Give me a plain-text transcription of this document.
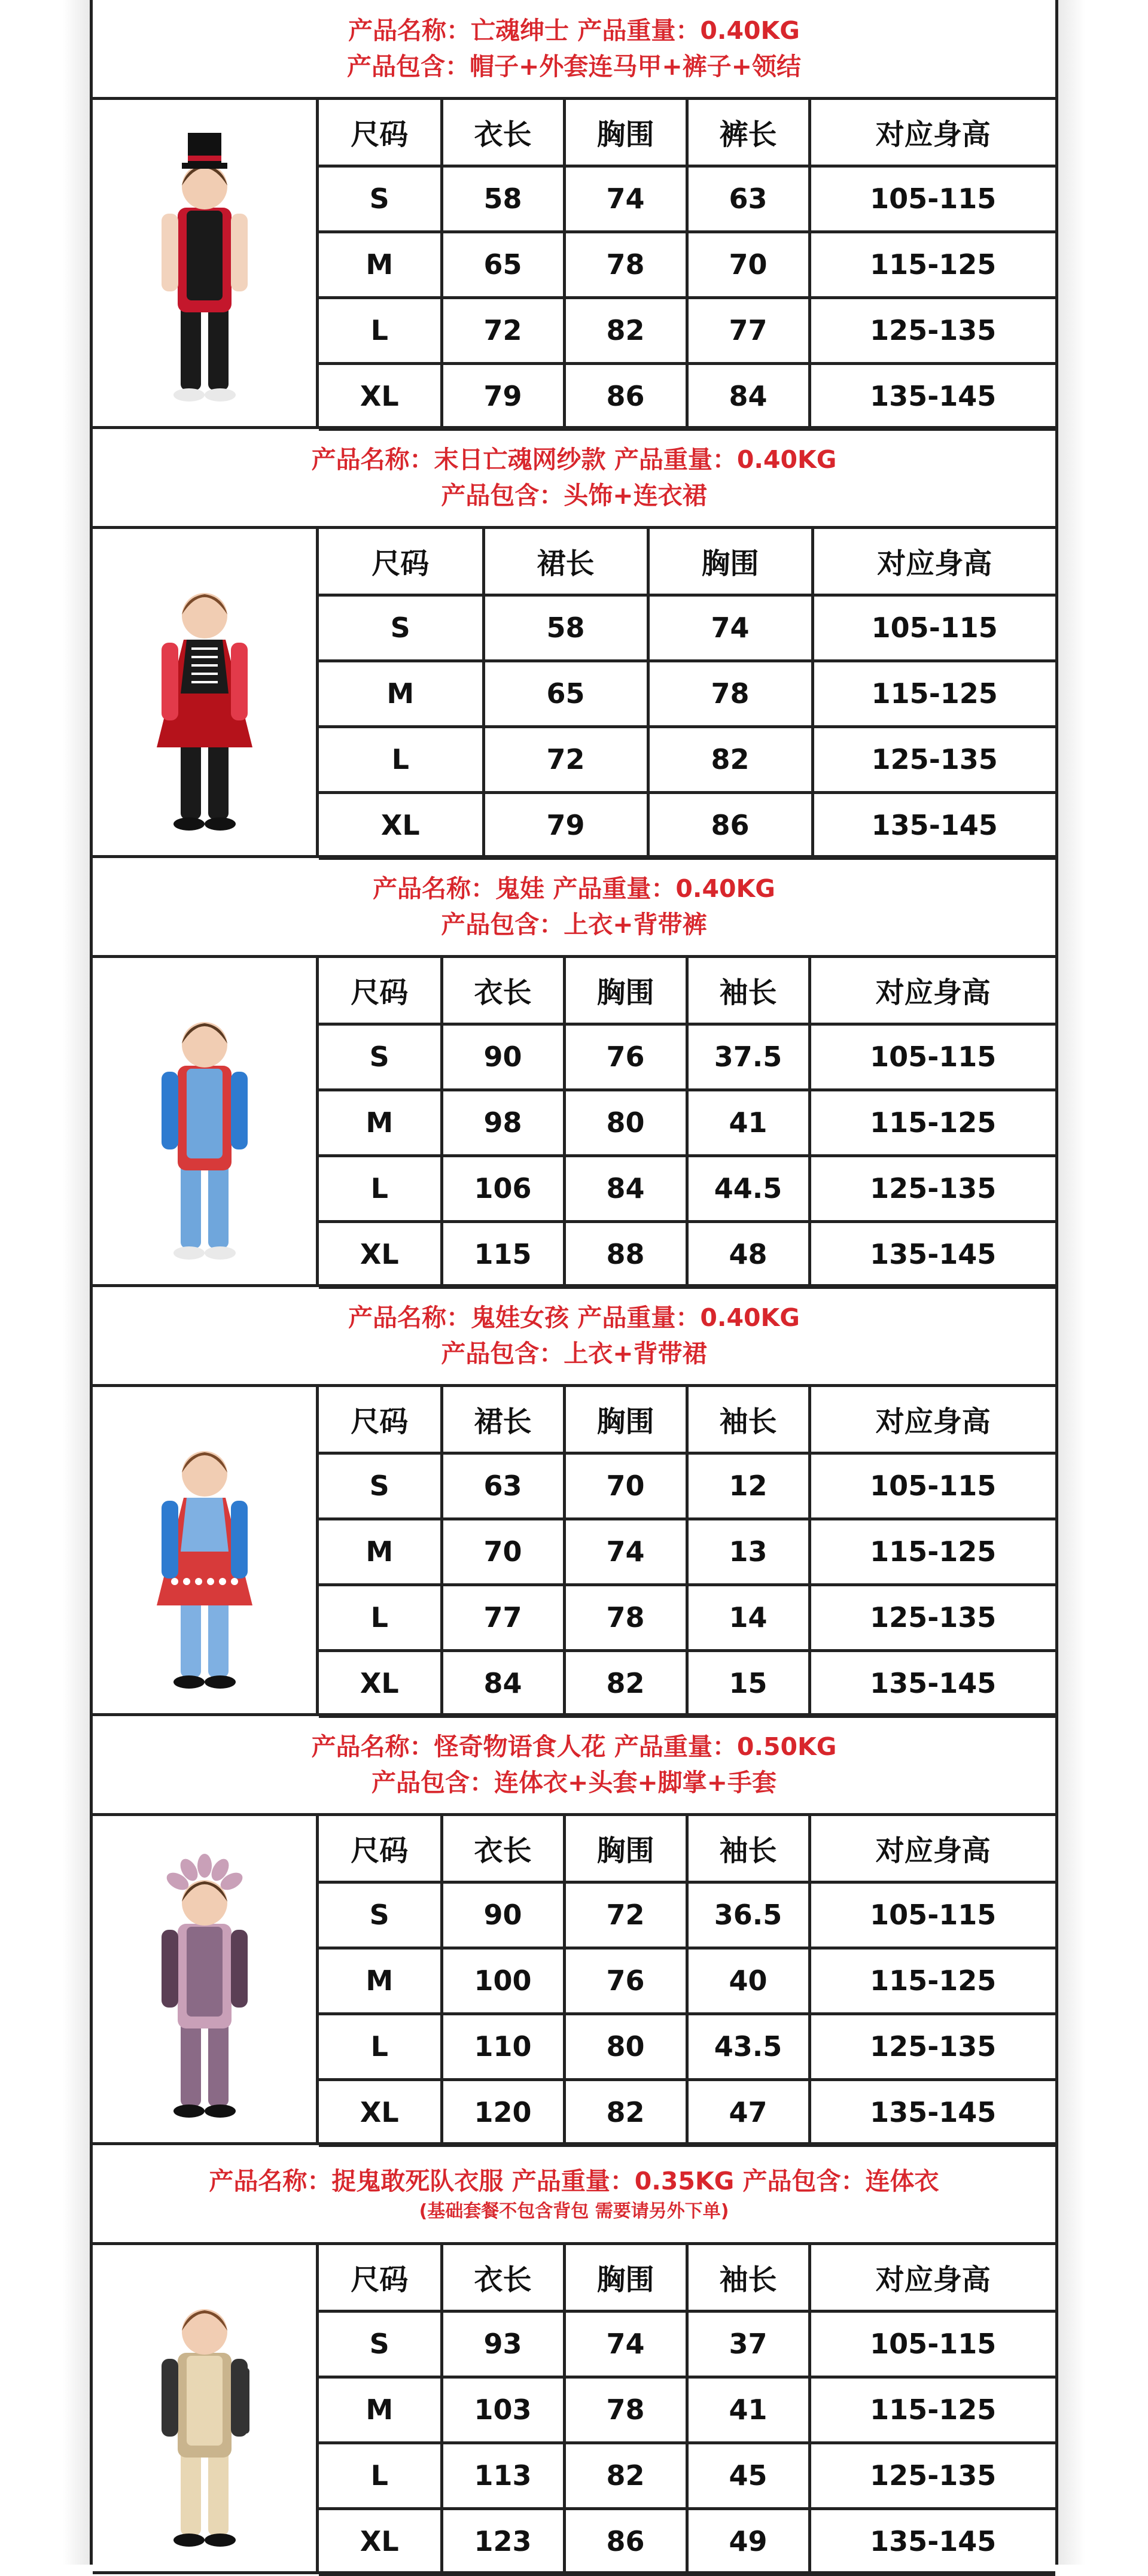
产品名称：亡魂绅士 产品重量：0.40KG
产品包含：帽子+外套连马甲+裤子+领结
尺码	衣长	胸围	裤长	对应身高
S	58	74	63	105-115
M	65	78	70	115-125
L	72	82	77	125-135
XL	79	86	84	135-145
产品名称：末日亡魂网纱款 产品重量：0.40KG
产品包含：头饰+连衣裙
尺码	裙长	胸围	对应身高
S	58	74	105-115
M	65	78	115-125
L	72	82	125-135
XL	79	86	135-145
产品名称：鬼娃 产品重量：0.40KG
产品包含：上衣+背带裤
尺码	衣长	胸围	袖长	对应身高
S	90	76	37.5	105-115
M	98	80	41	115-125
L	106	84	44.5	125-135
XL	115	88	48	135-145
产品名称：鬼娃女孩 产品重量：0.40KG
产品包含：上衣+背带裙
尺码	裙长	胸围	袖长	对应身高
S	63	70	12	105-115
M	70	74	13	115-125
L	77	78	14	125-135
XL	84	82	15	135-145
产品名称：怪奇物语食人花 产品重量：0.50KG
产品包含：连体衣+头套+脚掌+手套
尺码	衣长	胸围	袖长	对应身高
S	90	72	36.5	105-115
M	100	76	40	115-125
L	110	80	43.5	125-135
XL	120	82	47	135-145
产品名称：捉鬼敢死队衣服 产品重量：0.35KG 产品包含：连体衣
(基础套餐不包含背包 需要请另外下单)
尺码	衣长	胸围	袖长	对应身高
S	93	74	37	105-115
M	103	78	41	115-125
L	113	82	45	125-135
XL	123	86	49	135-145
